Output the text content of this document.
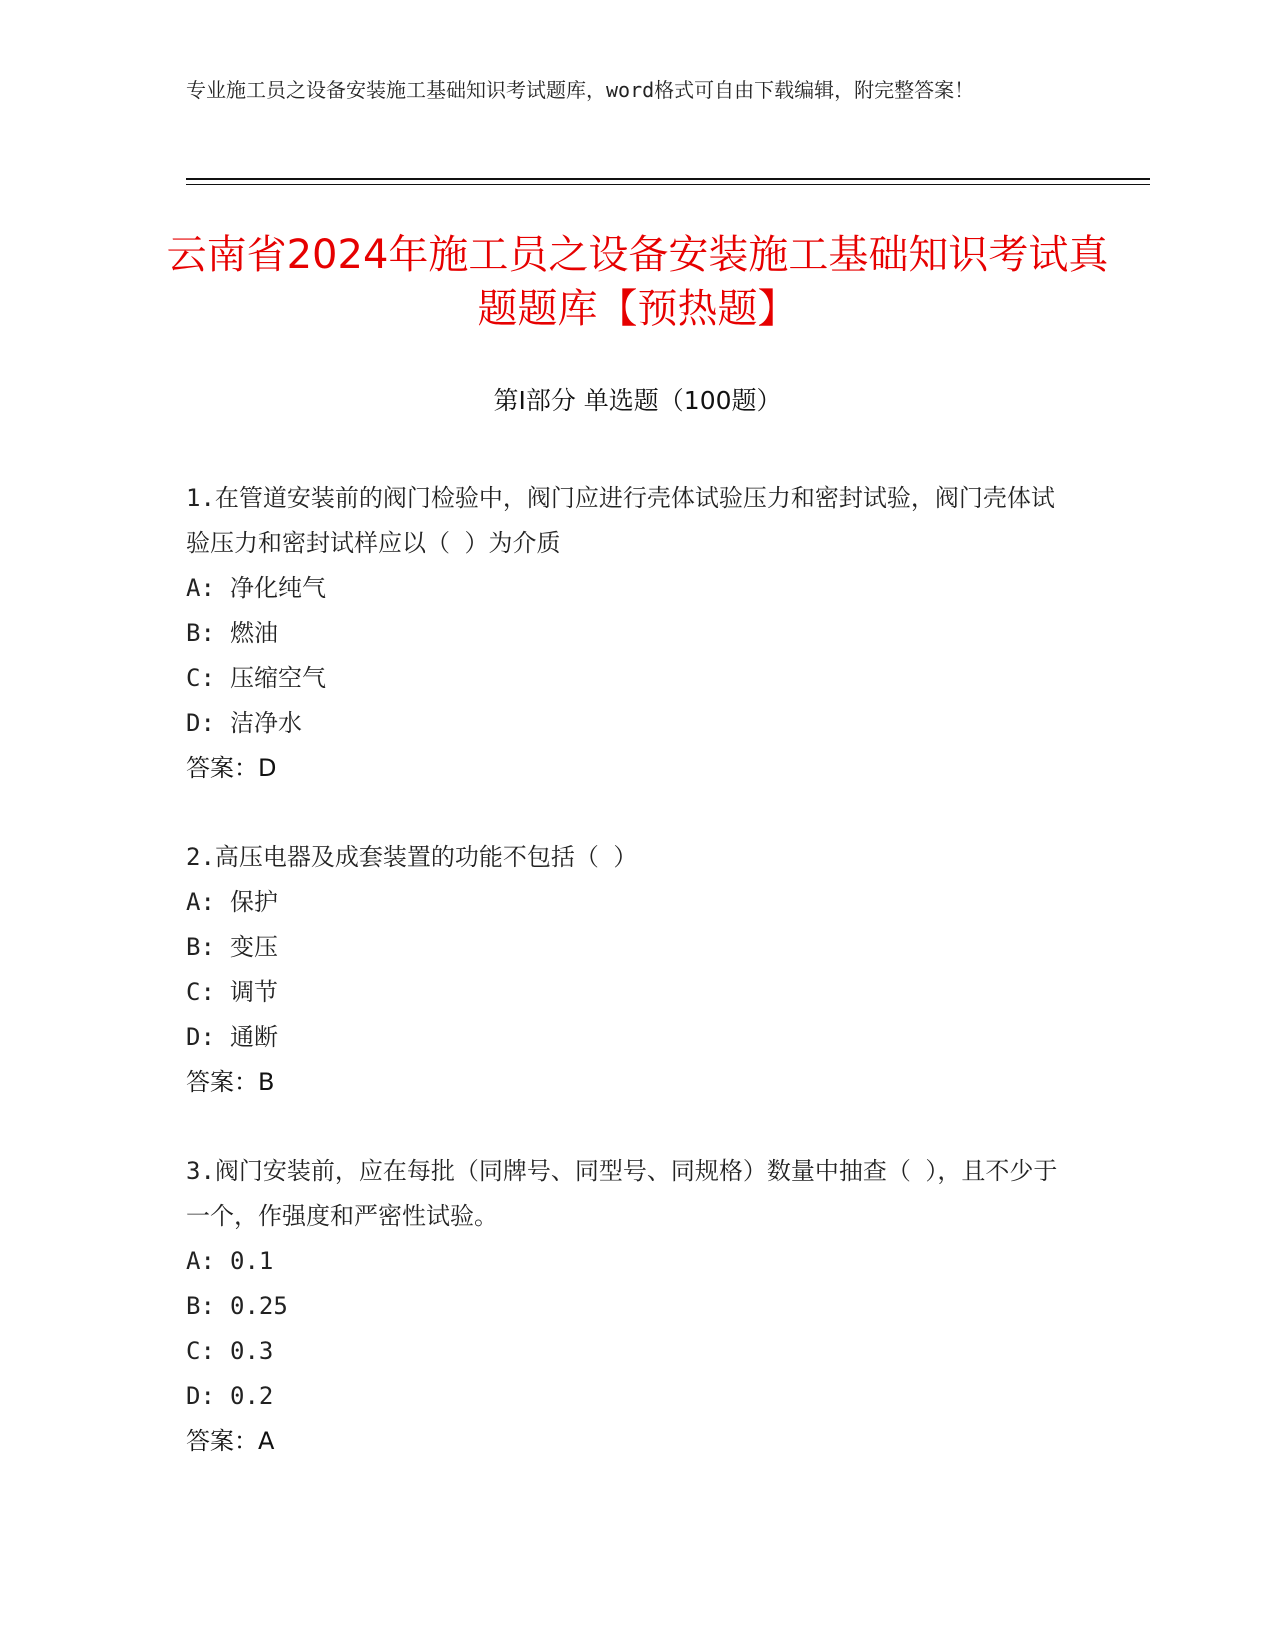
专业施工员之设备安装施工基础知识考试题库，word格式可自由下载编辑，附完整答案！
云南省2024年施工员之设备安装施工基础知识考试真题题库【预热题】
第I部分 单选题（100题）
1.在管道安装前的阀门检验中，阀门应进行壳体试验压力和密封试验，阀门壳体试验压力和密封试样应以（ ）为介质
A: 净化纯气
B: 燃油
C: 压缩空气
D: 洁净水
答案：D
2.高压电器及成套装置的功能不包括（ ）
A: 保护
B: 变压
C: 调节
D: 通断
答案：B
3.阀门安装前，应在每批（同牌号、同型号、同规格）数量中抽查（ ），且不少于一个，作强度和严密性试验。
A: 0.1
B: 0.25
C: 0.3
D: 0.2
答案：A
